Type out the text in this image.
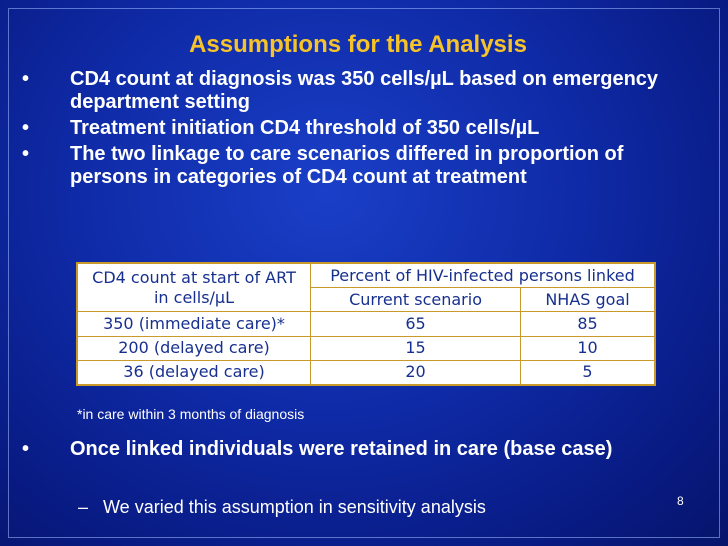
Assumptions for the Analysis
•	CD4 count at diagnosis was 350 cells/µL based on emergency department setting
•	Treatment initiation CD4 threshold of 350 cells/µL
•	The two linkage to care scenarios differed in proportion of persons in categories of CD4 count at treatment
CD4 count at start of ART
in cells/µL	Percent of HIV-infected persons linked	
	Current scenario	NHAS goal
350 (immediate care)*	65	85
200 (delayed care)	15	10
36 (delayed care)	20	5
*in care within 3 months of diagnosis
•	Once linked individuals were retained in care (base case)
– We varied this assumption in sensitivity analysis	8
